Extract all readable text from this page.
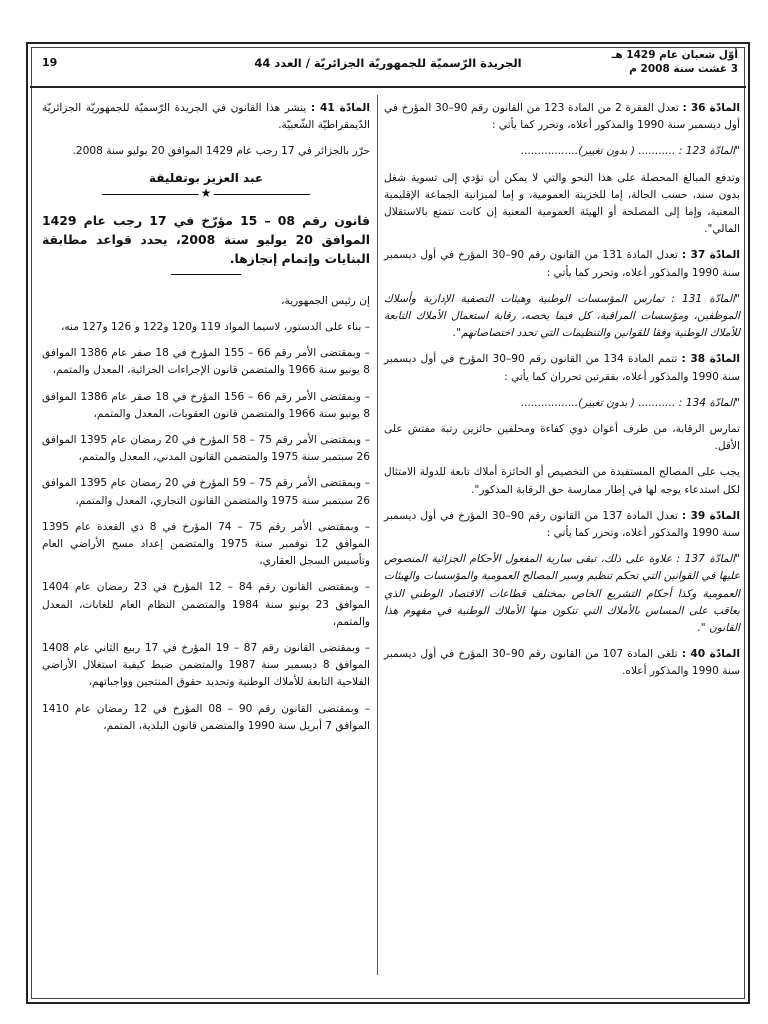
أوّل شعبان عام 1429 هـ
3 غشت سنة 2008 م
الجريدة الرّسميّة للجمهوريّة الجزائريّة / العدد 44
19

المادّة 36 : تعدل الفقرة 2 من المادة 123 من القانون رقم 90–30 المؤرخ في أول ديسمبر سنة 1990 والمذكور أعلاه، وتحرر كما يأتي :

"المادّة 123 : ........... ( بدون تغيير).................

وتدفع المبالغ المحصلة على هذا النحو والتي لا يمكن أن تؤدي إلى تسوية شغل بدون سند، حسب الحالة، إما للخزينة العمومية، و إما لميزانية الجماعة الإقليمية المعنية، وإما إلى المصلحة أو الهيئة العمومية المعنية إن كانت تتمتع بالاستقلال المالي".

المادّة 37 : تعدل المادة 131 من القانون رقم 90–30 المؤرخ في أول ديسمبر سنة 1990 والمذكور أعلاه، وتحرر كما يأتي :

"المادّة 131 : تمارس المؤسسات الوطنية وهيئات التصفية الإدارية وأسلاك الموظفين، ومؤسسات المراقبة، كل فيما يخصه، رقابة استعمال الأملاك التابعة للأملاك الوطنية وفقا للقوانين والتنظيمات التي تحدد اختصاصاتهم".

المادّة 38 : تتمم المادة 134 من القانون رقم 90–30 المؤرخ في أول ديسمبر سنة 1990 والمذكور أعلاه، بفقرتين تحرران كما يأتي :

"المادّة 134 : ........... ( بدون تغيير).................

تمارس الرقابة، من طرف أعوان ذوي كفاءة ومحلفين حائزين رتبة مفتش على الأقل.

يجب على المصالح المستفيدة من التخصيص أو الحائزة أملاك تابعة للدولة الامتثال لكل استدعاء يوجه لها في إطار ممارسة حق الرقابة المذكور".

المادّة 39 : تعدل المادة 137 من القانون رقم 90–30 المؤرخ في أول ديسمبر سنة 1990 والمذكور أعلاه، وتحرر كما يأتي :

"المادّة 137 : علاوة على ذلك، تبقى سارية المفعول الأحكام الجزائية المنصوص عليها في القوانين التي تحكم تنظيم وسير المصالح العمومية والمؤسسات والهيئات العمومية وكذا أحكام التشريع الخاص بمختلف قطاعات الاقتصاد الوطني الذي يعاقب على المساس بالأملاك التي تتكون منها الأملاك الوطنية في مفهوم هذا القانون ".

المادّة 40 : تلغى المادة 107 من القانون رقم 90–30 المؤرخ في أول ديسمبر سنة 1990 والمذكور أعلاه.

المادّة 41 : ينشر هذا القانون في الجريدة الرّسميّة للجمهوريّة الجزائريّة الدّيمقراطيّة الشّعبيّة.

حرّر بالجزائر في 17 رجب عام 1429 الموافق 20 يوليو سنة 2008.

عبد العزيز بوتفليقة

★

قانون رقم 08 – 15 مؤرّخ في 17 رجب عام 1429 الموافق 20 يوليو سنة 2008، يحدد قواعد مطابقة البنايات وإتمام إنجازها.

إن رئيس الجمهورية،

– بناء على الدستور، لاسيما المواد 119 و120 و122 و 126 و127 منه،

– وبمقتضى الأمر رقم 66 – 155 المؤرخ في 18 صفر عام 1386 الموافق 8 يونيو سنة 1966 والمتضمن قانون الإجراءات الجزائية، المعدل والمتمم،

– وبمقتضى الأمر رقم 66 – 156 المؤرخ في 18 صفر عام 1386 الموافق 8 يونيو سنة 1966 والمتضمن قانون العقوبات، المعدل والمتمم،

– وبمقتضى الأمر رقم 75 – 58 المؤرخ في 20 رمضان عام 1395 الموافق 26 سبتمبر سنة 1975 والمتضمن القانون المدني، المعدل والمتمم،

– وبمقتضى الأمر رقم 75 – 59 المؤرخ في 20 رمضان عام 1395 الموافق 26 سبتمبر سنة 1975 والمتضمن القانون التجاري، المعدل والمتمم،

– وبمقتضى الأمر رقم 75 – 74 المؤرخ في 8 ذي القعدة عام 1395 الموافق 12 نوفمبر سنة 1975 والمتضمن إعداد مسح الأراضي العام وتأسيس السجل العقاري،

– وبمقتضى القانون رقم 84 – 12 المؤرخ في 23 رمضان عام 1404 الموافق 23 يونيو سنة 1984 والمتضمن النظام العام للغابات، المعدل والمتمم،

– وبمقتضى القانون رقم 87 – 19 المؤرخ في 17 ربيع الثاني عام 1408 الموافق 8 ديسمبر سنة 1987 والمتضمن ضبط كيفية استغلال الأراضي الفلاحية التابعة للأملاك الوطنية وتحديد حقوق المنتجين وواجباتهم،

– وبمقتضى القانون رقم 90 – 08 المؤرخ في 12 رمضان عام 1410 الموافق 7 أبريل سنة 1990 والمتضمن قانون البلدية، المتمم،
